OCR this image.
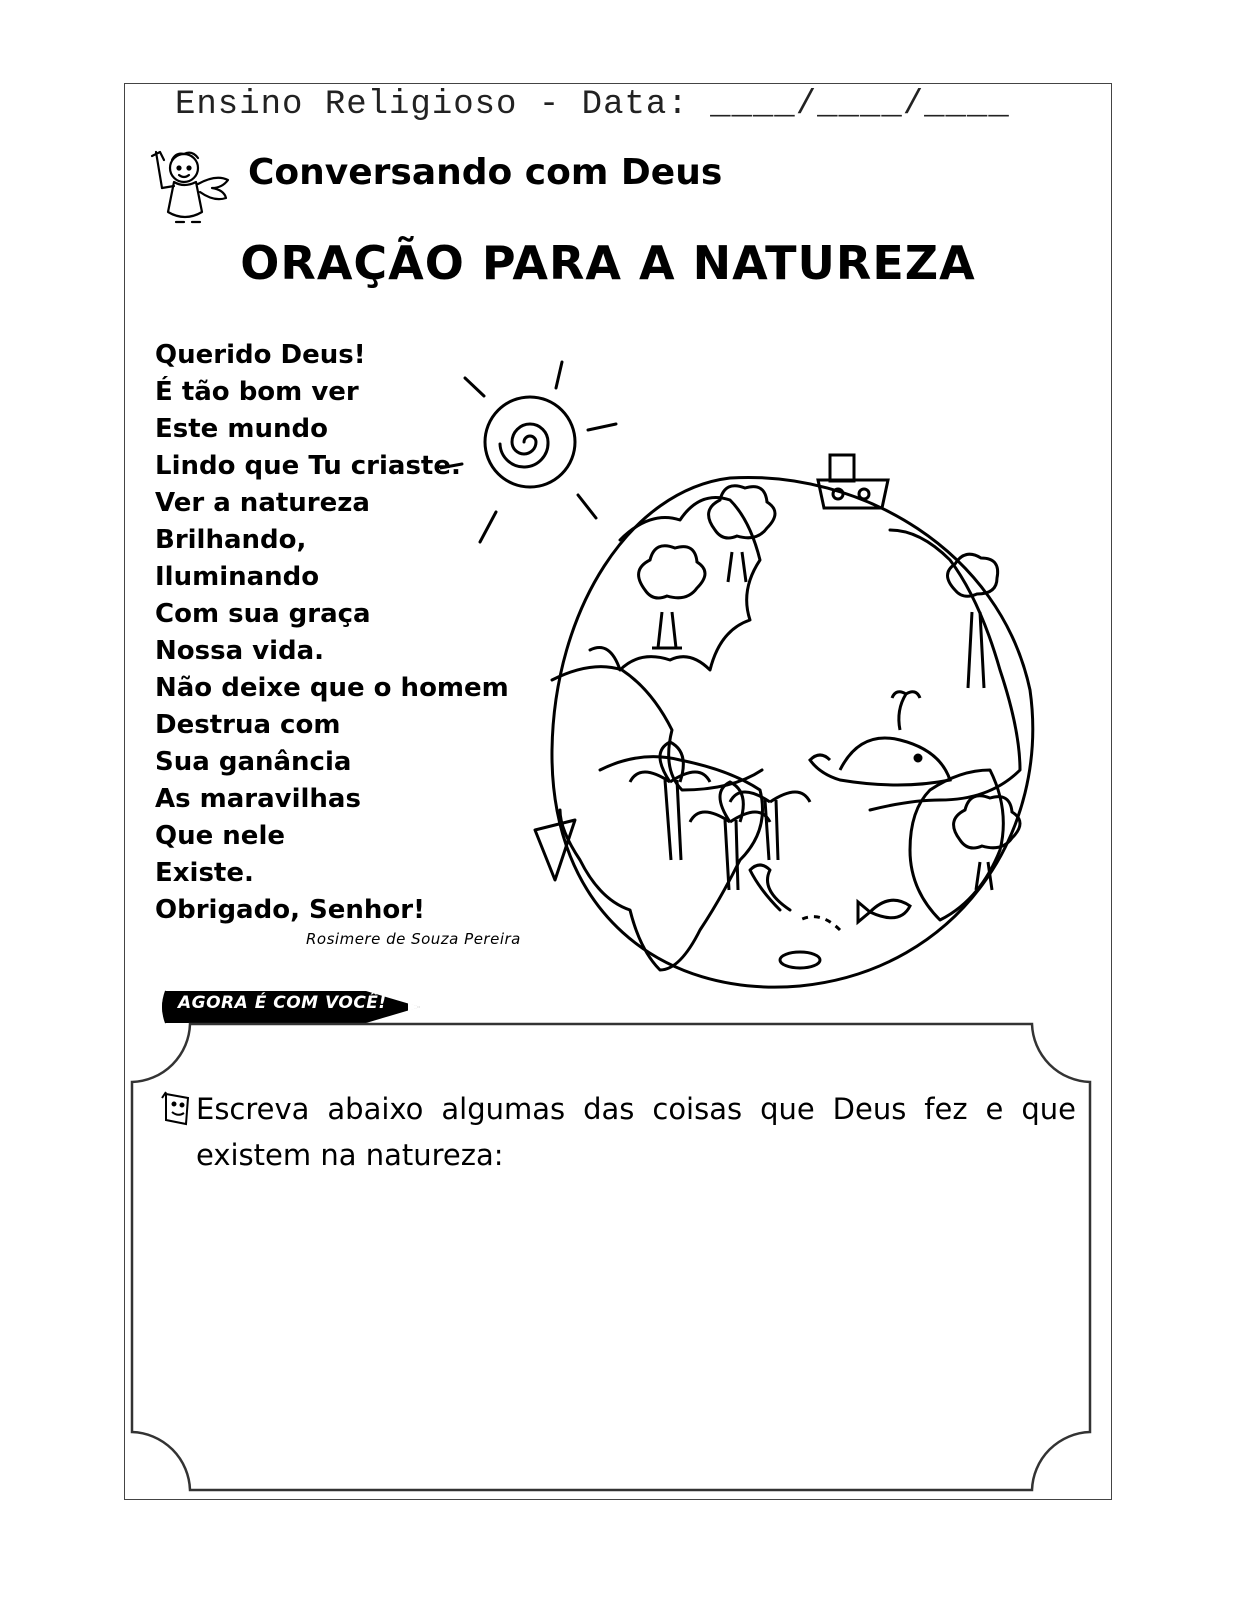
Ensino Religioso - Data: ____/____/____
Conversando com Deus
ORAÇÃO PARA A NATUREZA
Querido Deus!
É tão bom ver
Este mundo
Lindo que Tu criaste.
Ver a natureza
Brilhando,
Iluminando
Com sua graça
Nossa vida.
Não deixe que o homem
Destrua com
Sua ganância
As maravilhas
Que nele
Existe.
Obrigado, Senhor!
Rosimere de Souza Pereira
AGORA É COM VOCÊ!
Escreva abaixo algumas das coisas que Deus fez e que existem na natureza:
